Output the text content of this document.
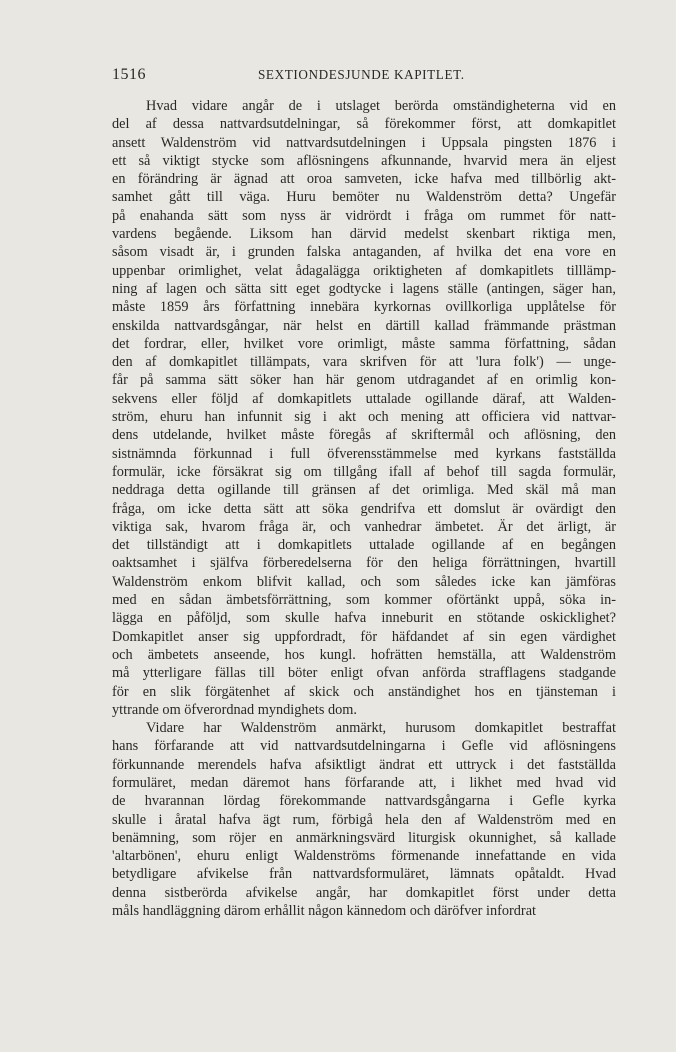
1516	SEXTIONDESJUNDE KAPITLET.
Hvad vidare angår de i utslaget berörda omständigheterna vid en
del af dessa nattvardsutdelningar, så förekommer först, att domkapitlet
ansett Waldenström vid nattvardsutdelningen i Uppsala pingsten 1876 i
ett så viktigt stycke som aflösningens afkunnande, hvarvid mera än eljest
en förändring är ägnad att oroa samveten, icke hafva med tillbörlig akt-
samhet gått till väga. Huru bemöter nu Waldenström detta? Ungefär
på enahanda sätt som nyss är vidrördt i fråga om rummet för natt-
vardens begående. Liksom han därvid medelst skenbart riktiga men,
såsom visadt är, i grunden falska antaganden, af hvilka det ena vore en
uppenbar orimlighet, velat ådagalägga oriktigheten af domkapitlets tilllämp-
ning af lagen och sätta sitt eget godtycke i lagens ställe (antingen, säger han,
måste 1859 års författning innebära kyrkornas ovillkorliga upplåtelse för
enskilda nattvardsgångar, när helst en därtill kallad främmande prästman
det fordrar, eller, hvilket vore orimligt, måste samma författning, sådan
den af domkapitlet tillämpats, vara skrifven för att 'lura folk') — unge-
får på samma sätt söker han här genom utdragandet af en orimlig kon-
sekvens eller följd af domkapitlets uttalade ogillande däraf, att Walden-
ström, ehuru han infunnit sig i akt och mening att officiera vid nattvar-
dens utdelande, hvilket måste föregås af skriftermål och aflösning, den
sistnämnda förkunnad i full öfverensstämmelse med kyrkans fastställda
formulär, icke försäkrat sig om tillgång ifall af behof till sagda formulär,
neddraga detta ogillande till gränsen af det orimliga. Med skäl må man
fråga, om icke detta sätt att söka gendrifva ett domslut är ovärdigt den
viktiga sak, hvarom fråga är, och vanhedrar ämbetet. Är det ärligt, är
det tillständigt att i domkapitlets uttalade ogillande af en begången
oaktsamhet i själfva förberedelserna för den heliga förrättningen, hvartill
Waldenström enkom blifvit kallad, och som således icke kan jämföras
med en sådan ämbetsförrättning, som kommer oförtänkt uppå, söka in-
lägga en påföljd, som skulle hafva inneburit en stötande oskicklighet?
Domkapitlet anser sig uppfordradt, för häfdandet af sin egen värdighet
och ämbetets anseende, hos kungl. hofrätten hemställa, att Waldenström
må ytterligare fällas till böter enligt ofvan anförda strafflagens stadgande
för en slik förgätenhet af skick och anständighet hos en tjänsteman i
yttrande om öfverordnad myndighets dom.
Vidare har Waldenström anmärkt, hurusom domkapitlet bestraffat
hans förfarande att vid nattvardsutdelningarna i Gefle vid aflösningens
förkunnande merendels hafva afsiktligt ändrat ett uttryck i det fastställda
formuläret, medan däremot hans förfarande att, i likhet med hvad vid
de hvarannan lördag förekommande nattvardsgångarna i Gefle kyrka
skulle i åratal hafva ägt rum, förbigå hela den af Waldenström med en
benämning, som röjer en anmärkningsvärd liturgisk okunnighet, så kallade
'altarbönen', ehuru enligt Waldenströms förmenande innefattande en vida
betydligare afvikelse från nattvardsformuläret, lämnats opåtaldt. Hvad
denna sistberörda afvikelse angår, har domkapitlet först under detta
måls handläggning därom erhållit någon kännedom och däröfver infordrat
